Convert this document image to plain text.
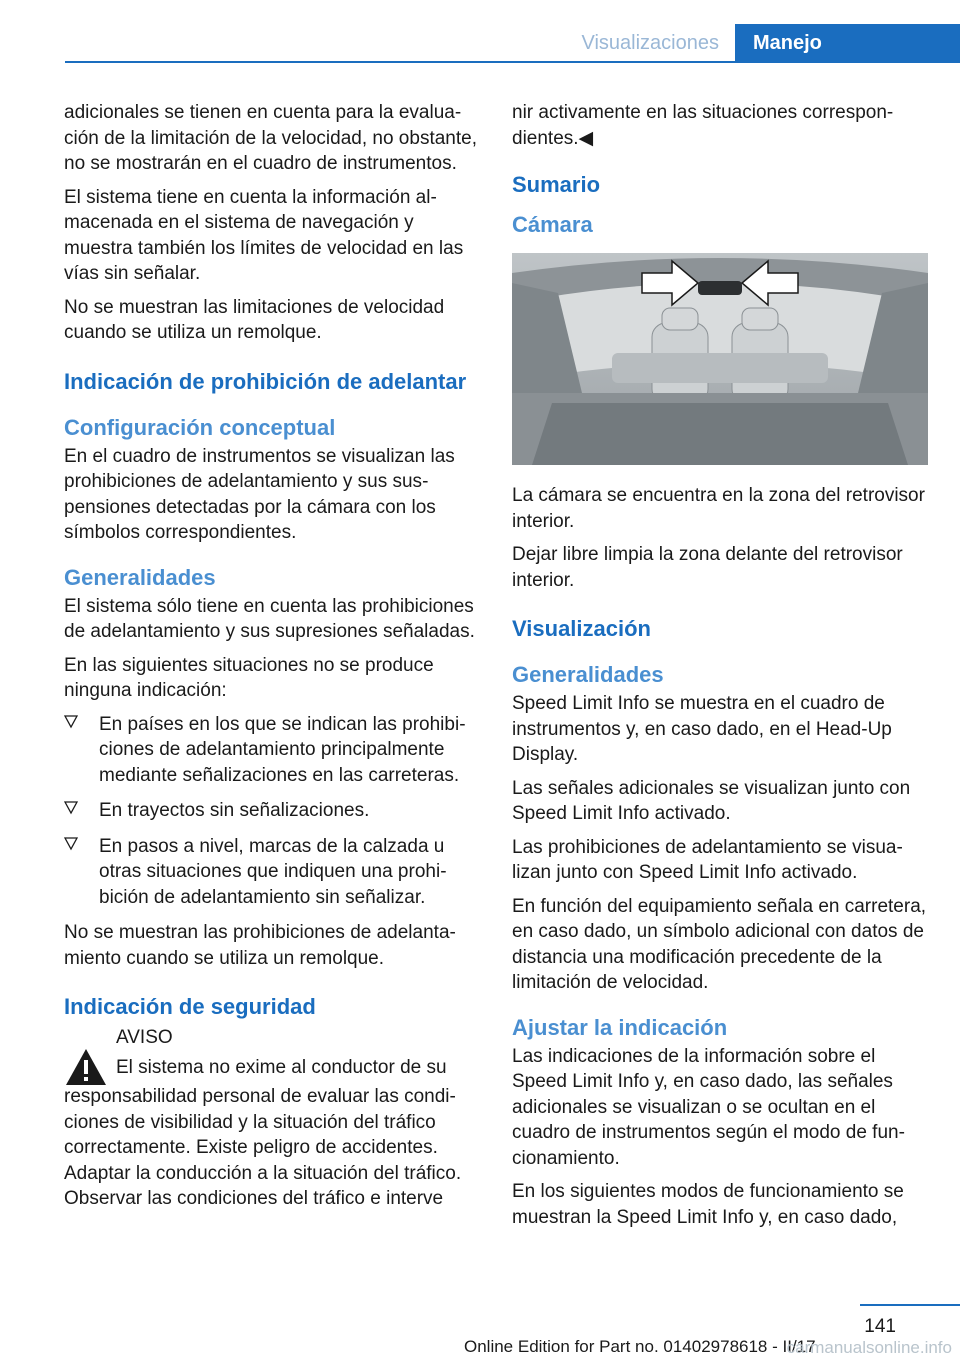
Visualizaciones	Manejo

adicionales se tienen en cuenta para la evaluación de la limitación de la velocidad, no obstante, no se mostrarán en el cuadro de instrumentos.

El sistema tiene en cuenta la información almacenada en el sistema de navegación y muestra también los límites de velocidad en las vías sin señalar.

No se muestran las limitaciones de velocidad cuando se utiliza un remolque.

Indicación de prohibición de adelantar
Configuración conceptual

En el cuadro de instrumentos se visualizan las prohibiciones de adelantamiento y sus suspensiones detectadas por la cámara con los símbolos correspondientes.

Generalidades

El sistema sólo tiene en cuenta las prohibiciones de adelantamiento y sus supresiones señaladas.

En las siguientes situaciones no se produce ninguna indicación:

En países en los que se indican las prohibiciones de adelantamiento principalmente mediante señalizaciones en las carreteras.
En trayectos sin señalizaciones.
En pasos a nivel, marcas de la calzada u otras situaciones que indiquen una prohibición de adelantamiento sin señalizar.

No se muestran las prohibiciones de adelantamiento cuando se utiliza un remolque.

Indicación de seguridad

AVISO

El sistema no exime al conductor de su

responsabilidad personal de evaluar las condiciones de visibilidad y la situación del tráfico correctamente. Existe peligro de accidentes. Adaptar la conducción a la situación del tráfico. Observar las condiciones del tráfico e interve

nir activamente en las situaciones correspondientes.◀

Sumario
Cámara

La cámara se encuentra en la zona del retrovisor interior.

Dejar libre limpia la zona delante del retrovisor interior.

Visualización
Generalidades

Speed Limit Info se muestra en el cuadro de instrumentos y, en caso dado, en el Head-Up Display.

Las señales adicionales se visualizan junto con Speed Limit Info activado.

Las prohibiciones de adelantamiento se visualizan junto con Speed Limit Info activado.

En función del equipamiento señala en carretera, en caso dado, un símbolo adicional con datos de distancia una modificación precedente de la limitación de velocidad.

Ajustar la indicación

Las indicaciones de la información sobre el Speed Limit Info y, en caso dado, las señales adicionales se visualizan o se ocultan en el cuadro de instrumentos según el modo de funcionamiento.

En los siguientes modos de funcionamiento se muestran la Speed Limit Info y, en caso dado,

141
Online Edition for Part no. 01402978618 - II/17
carmanualsonline.info
